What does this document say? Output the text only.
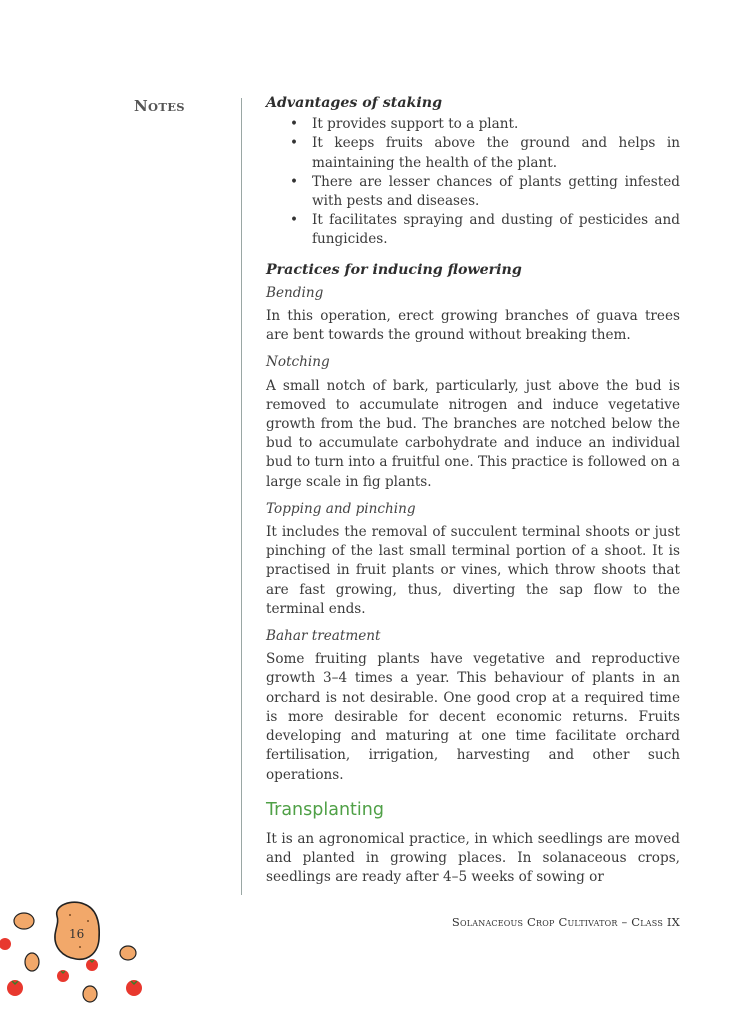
NOTES	Advantages of staking

• It provides support to a plant.
• It keeps fruits above the ground and helps in maintaining the health of the plant.
• There are lesser chances of plants getting infested with pests and diseases.
• It facilitates spraying and dusting of pesticides and fungicides.

Practices for inducing flowering

Bending

In this operation, erect growing branches of guava trees are bent towards the ground without breaking them.

Notching

A small notch of bark, particularly, just above the bud is removed to accumulate nitrogen and induce vegetative growth from the bud. The branches are notched below the bud to accumulate carbohydrate and induce an individual bud to turn into a fruitful one. This practice is followed on a large scale in fig plants.

Topping and pinching

It includes the removal of succulent terminal shoots or just pinching of the last small terminal portion of a shoot. It is practised in fruit plants or vines, which throw shoots that are fast growing, thus, diverting the sap flow to the terminal ends.

Bahar treatment

Some fruiting plants have vegetative and reproductive growth 3–4 times a year. This behaviour of plants in an orchard is not desirable. One good crop at a required time is more desirable for decent economic returns. Fruits developing and maturing at one time facilitate orchard fertilisation, irrigation, harvesting and other such operations.

Transplanting

It is an agronomical practice, in which seedlings are moved and planted in growing places. In solanaceous crops, seedlings are ready after 4–5 weeks of sowing or

Solanaceous Crop Cultivator – Class IX
16
